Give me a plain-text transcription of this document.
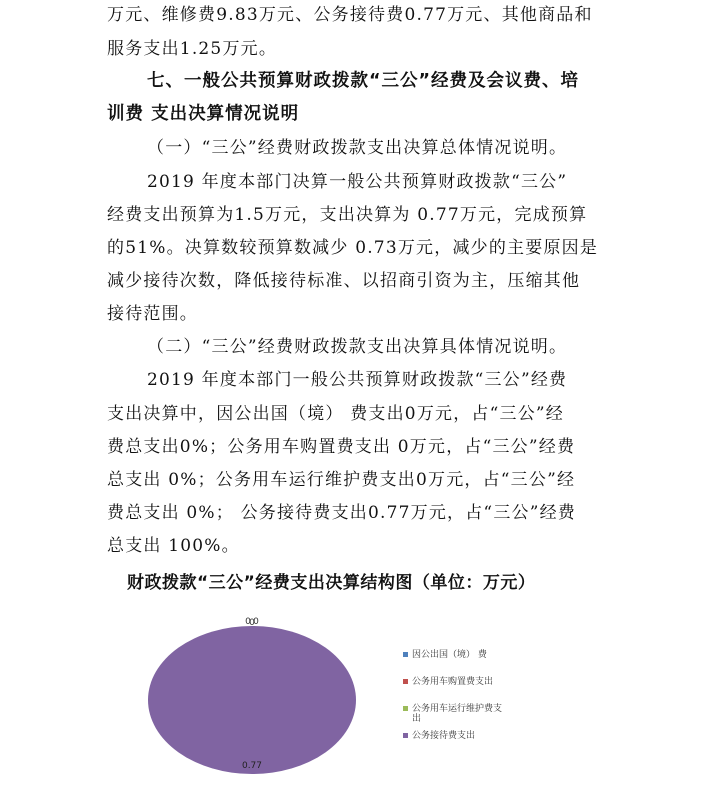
万元、维修费9.83万元、公务接待费0.77万元、其他商品和
服务支出1.25万元。
七、一般公共预算财政拨款“三公”经费及会议费、培
训费 支出决算情况说明
（一）“三公”经费财政拨款支出决算总体情况说明。
2019 年度本部门决算一般公共预算财政拨款“三公”
经费支出预算为1.5万元，支出决算为 0.77万元，完成预算
的51%。决算数较预算数减少 0.73万元，减少的主要原因是
减少接待次数，降低接待标准、以招商引资为主，压缩其他
接待范围。
（二）“三公”经费财政拨款支出决算具体情况说明。
2019 年度本部门一般公共预算财政拨款“三公”经费
支出决算中，因公出国（境） 费支出0万元，占“三公”经
费总支出0%；公务用车购置费支出 0万元，占“三公”经费
总支出 0%；公务用车运行维护费支出0万元，占“三公”经
费总支出 0%； 公务接待费支出0.77万元，占“三公”经费
总支出 100%。
财政拨款“三公”经费支出决算结构图（单位：万元）
0
0
0
0.77
因公出国（境） 费
公务用车购置费支出
公务用车运行维护费支出
公务接待费支出
